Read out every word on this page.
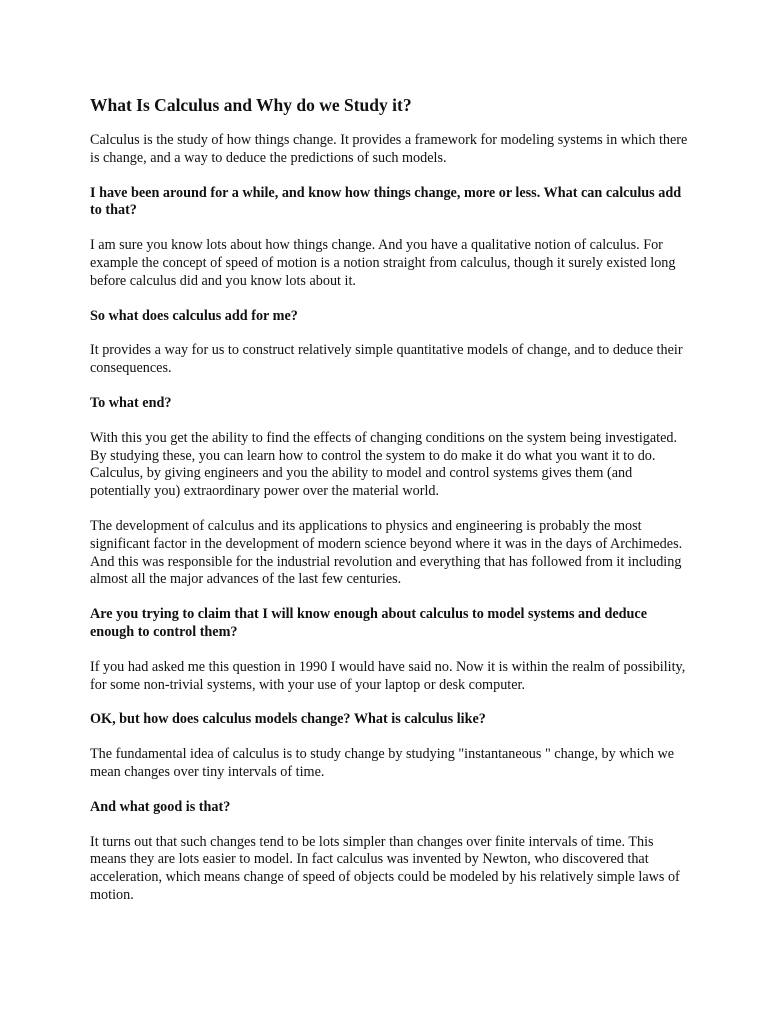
What Is Calculus and Why do we Study it?

Calculus is the study of how things change. It provides a framework for modeling systems in which there is change, and a way to deduce the predictions of such models.

I have been around for a while, and know how things change, more or less. What can calculus add to that?

I am sure you know lots about how things change. And you have a qualitative notion of calculus. For example the concept of speed of motion is a notion straight from calculus, though it surely existed long before calculus did and you know lots about it.

So what does calculus add for me?

It provides a way for us to construct relatively simple quantitative models of change, and to deduce their consequences.

To what end?

With this you get the ability to find the effects of changing conditions on the system being investigated. By studying these, you can learn how to control the system to do make it do what you want it to do. Calculus, by giving engineers and you the ability to model and control systems gives them (and potentially you) extraordinary power over the material world.

The development of calculus and its applications to physics and engineering is probably the most significant factor in the development of modern science beyond where it was in the days of Archimedes. And this was responsible for the industrial revolution and everything that has followed from it including almost all the major advances of the last few centuries.

Are you trying to claim that I will know enough about calculus to model systems and deduce enough to control them?

If you had asked me this question in 1990 I would have said no. Now it is within the realm of possibility, for some non-trivial systems, with your use of your laptop or desk computer.

OK, but how does calculus models change? What is calculus like?

The fundamental idea of calculus is to study change by studying "instantaneous " change, by which we mean changes over tiny intervals of time.

And what good is that?

It turns out that such changes tend to be lots simpler than changes over finite intervals of time. This means they are lots easier to model. In fact calculus was invented by Newton, who discovered that acceleration, which means change of speed of objects could be modeled by his relatively simple laws of motion.
